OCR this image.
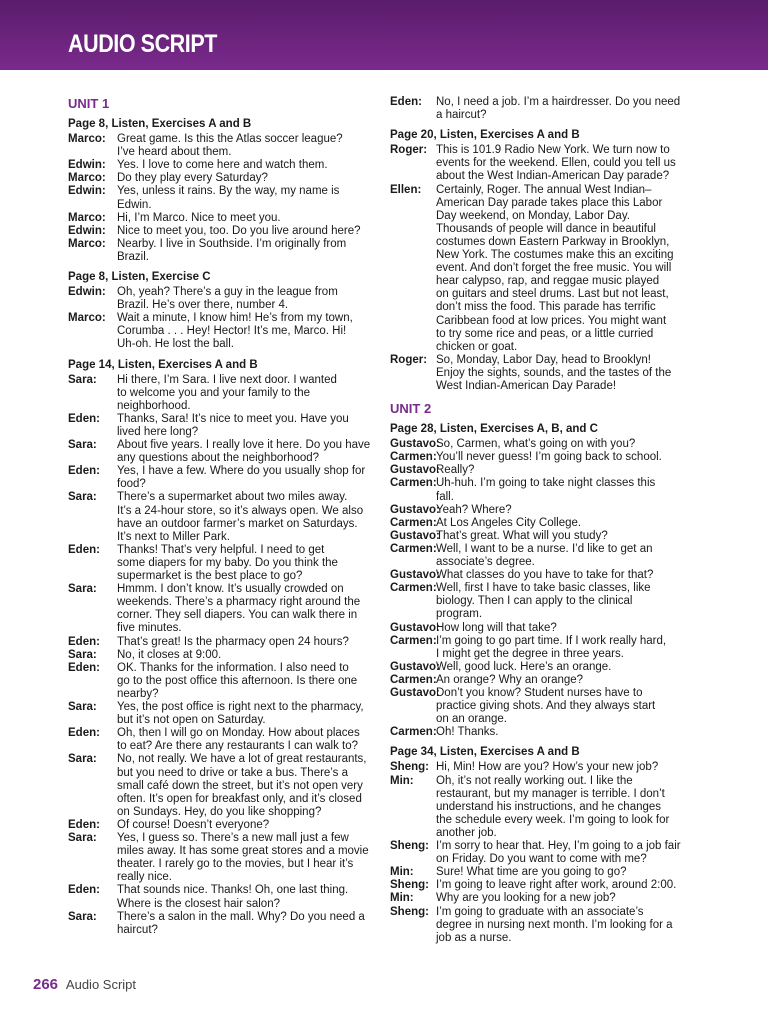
AUDIO SCRIPT
UNIT 1
Page 8, Listen, Exercises A and B
Marco: Great game. Is this the Atlas soccer league?
I’ve heard about them.
Edwin: Yes. I love to come here and watch them.
Marco: Do they play every Saturday?
Edwin: Yes, unless it rains. By the way, my name is
Edwin.
Marco: Hi, I’m Marco. Nice to meet you.
Edwin: Nice to meet you, too. Do you live around here?
Marco: Nearby. I live in Southside. I’m originally from
Brazil.
Page 8, Listen, Exercise C
Edwin: Oh, yeah? There’s a guy in the league from
Brazil. He’s over there, number 4.
Marco: Wait a minute, I know him! He’s from my town,
Corumba . . . Hey! Hector! It’s me, Marco. Hi!
Uh-oh. He lost the ball.
Page 14, Listen, Exercises A and B
Sara: Hi there, I’m Sara. I live next door. I wanted
to welcome you and your family to the
neighborhood.
Eden: Thanks, Sara! It’s nice to meet you. Have you
lived here long?
Sara: About five years. I really love it here. Do you have
any questions about the neighborhood?
Eden: Yes, I have a few. Where do you usually shop for
food?
Sara: There’s a supermarket about two miles away.
It’s a 24-hour store, so it’s always open. We also
have an outdoor farmer’s market on Saturdays.
It’s next to Miller Park.
Eden: Thanks! That’s very helpful. I need to get
some diapers for my baby. Do you think the
supermarket is the best place to go?
Sara: Hmmm. I don’t know. It’s usually crowded on
weekends. There’s a pharmacy right around the
corner. They sell diapers. You can walk there in
five minutes.
Eden: That’s great! Is the pharmacy open 24 hours?
Sara: No, it closes at 9:00.
Eden: OK. Thanks for the information. I also need to
go to the post office this afternoon. Is there one
nearby?
Sara: Yes, the post office is right next to the pharmacy,
but it’s not open on Saturday.
Eden: Oh, then I will go on Monday. How about places
to eat? Are there any restaurants I can walk to?
Sara: No, not really. We have a lot of great restaurants,
but you need to drive or take a bus. There’s a
small café down the street, but it’s not open very
often. It’s open for breakfast only, and it’s closed
on Sundays. Hey, do you like shopping?
Eden: Of course! Doesn’t everyone?
Sara: Yes, I guess so. There’s a new mall just a few
miles away. It has some great stores and a movie
theater. I rarely go to the movies, but I hear it’s
really nice.
Eden: That sounds nice. Thanks! Oh, one last thing.
Where is the closest hair salon?
Sara: There’s a salon in the mall. Why? Do you need a
haircut?
Eden: No, I need a job. I’m a hairdresser. Do you need
a haircut?
Page 20, Listen, Exercises A and B
Roger: This is 101.9 Radio New York. We turn now to
events for the weekend. Ellen, could you tell us
about the West Indian-American Day parade?
Ellen: Certainly, Roger. The annual West Indian–
American Day parade takes place this Labor
Day weekend, on Monday, Labor Day.
Thousands of people will dance in beautiful
costumes down Eastern Parkway in Brooklyn,
New York. The costumes make this an exciting
event. And don’t forget the free music. You will
hear calypso, rap, and reggae music played
on guitars and steel drums. Last but not least,
don’t miss the food. This parade has terrific
Caribbean food at low prices. You might want
to try some rice and peas, or a little curried
chicken or goat.
Roger: So, Monday, Labor Day, head to Brooklyn!
Enjoy the sights, sounds, and the tastes of the
West Indian-American Day Parade!
UNIT 2
Page 28, Listen, Exercises A, B, and C
Gustavo:
So, Carmen, what’s going on with you?
Carmen: You’ll never guess! I’m going back to school.
Gustavo:
Really?
Carmen: Uh-huh. I’m going to take night classes this
fall.
Gustavo:
Yeah? Where?
Carmen: At Los Angeles City College.
Gustavo:
That’s great. What will you study?
Carmen: Well, I want to be a nurse. I’d like to get an
associate’s degree.
Gustavo:
What classes do you have to take for that?
Carmen: Well, first I have to take basic classes, like
biology. Then I can apply to the clinical
program.
Gustavo:
How long will that take?
Carmen: I’m going to go part time. If I work really hard,
I might get the degree in three years.
Gustavo:
Well, good luck. Here’s an orange.
Carmen: An orange? Why an orange?
Gustavo:
Don’t you know? Student nurses have to
practice giving shots. And they always start
on an orange.
Carmen: Oh! Thanks.
Page 34, Listen, Exercises A and B
Sheng: Hi, Min! How are you? How’s your new job?
Min: Oh, it’s not really working out. I like the
restaurant, but my manager is terrible. I don’t
understand his instructions, and he changes
the schedule every week. I’m going to look for
another job.
Sheng: I’m sorry to hear that. Hey, I’m going to a job fair
on Friday. Do you want to come with me?
Min: Sure! What time are you going to go?
Sheng: I’m going to leave right after work, around 2:00.
Min: Why are you looking for a new job?
Sheng: I’m going to graduate with an associate’s
degree in nursing next month. I’m looking for a
job as a nurse.
266 Audio Script
